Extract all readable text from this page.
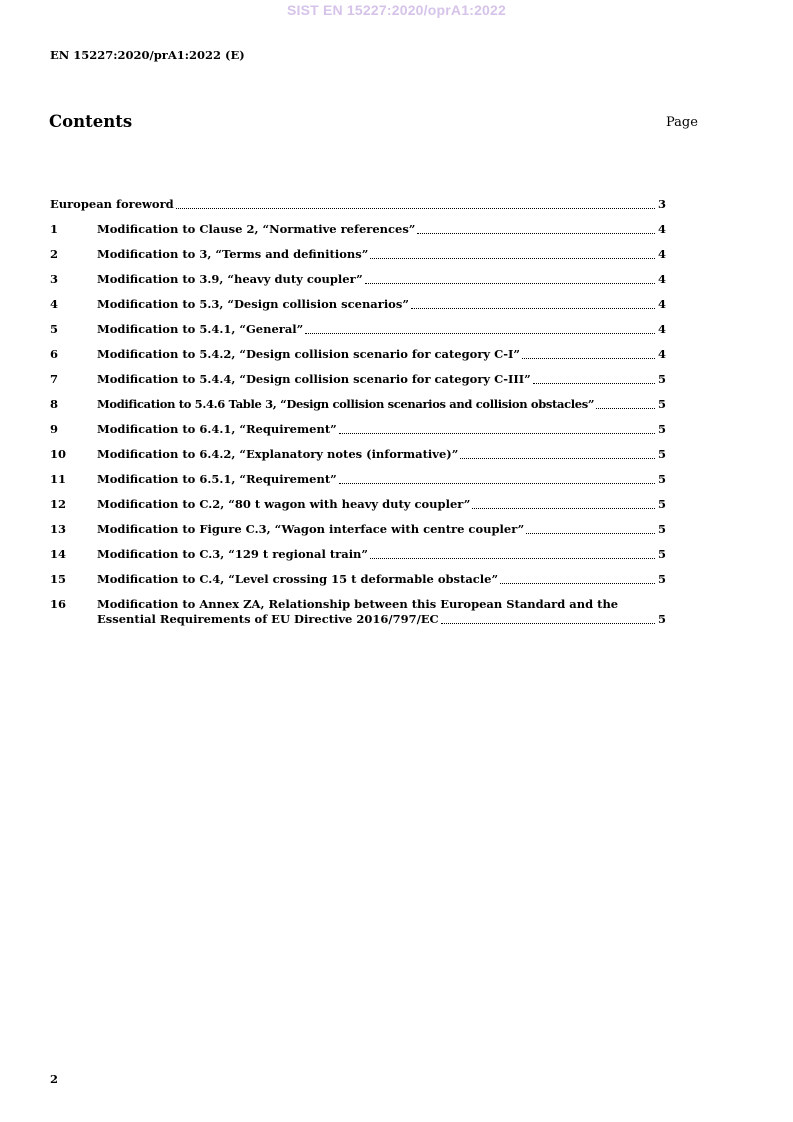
SIST EN 15227:2020/oprA1:2022
EN 15227:2020/prA1:2022 (E)
Contents	Page
European foreword	3
1	Modification to Clause 2, “Normative references”	4
2	Modification to 3, “Terms and definitions”	4
3	Modification to 3.9, “heavy duty coupler”	4
4	Modification to 5.3, “Design collision scenarios”	4
5	Modification to 5.4.1, “General”	4
6	Modification to 5.4.2, “Design collision scenario for category C-I”	4
7	Modification to 5.4.4, “Design collision scenario for category C-III”	5
8	Modification to 5.4.6 Table 3, “Design collision scenarios and collision obstacles”	5
9	Modification to 6.4.1, “Requirement”	5
10	Modification to 6.4.2, “Explanatory notes (informative)”	5
11	Modification to 6.5.1, “Requirement”	5
12	Modification to C.2, “80 t wagon with heavy duty coupler”	5
13	Modification to Figure C.3, “Wagon interface with centre coupler”	5
14	Modification to C.3, “129 t regional train”	5
15	Modification to C.4, “Level crossing 15 t deformable obstacle”	5
16	Modification to Annex ZA, Relationship between this European Standard and the
Essential Requirements of EU Directive 2016/797/EC	5
2
